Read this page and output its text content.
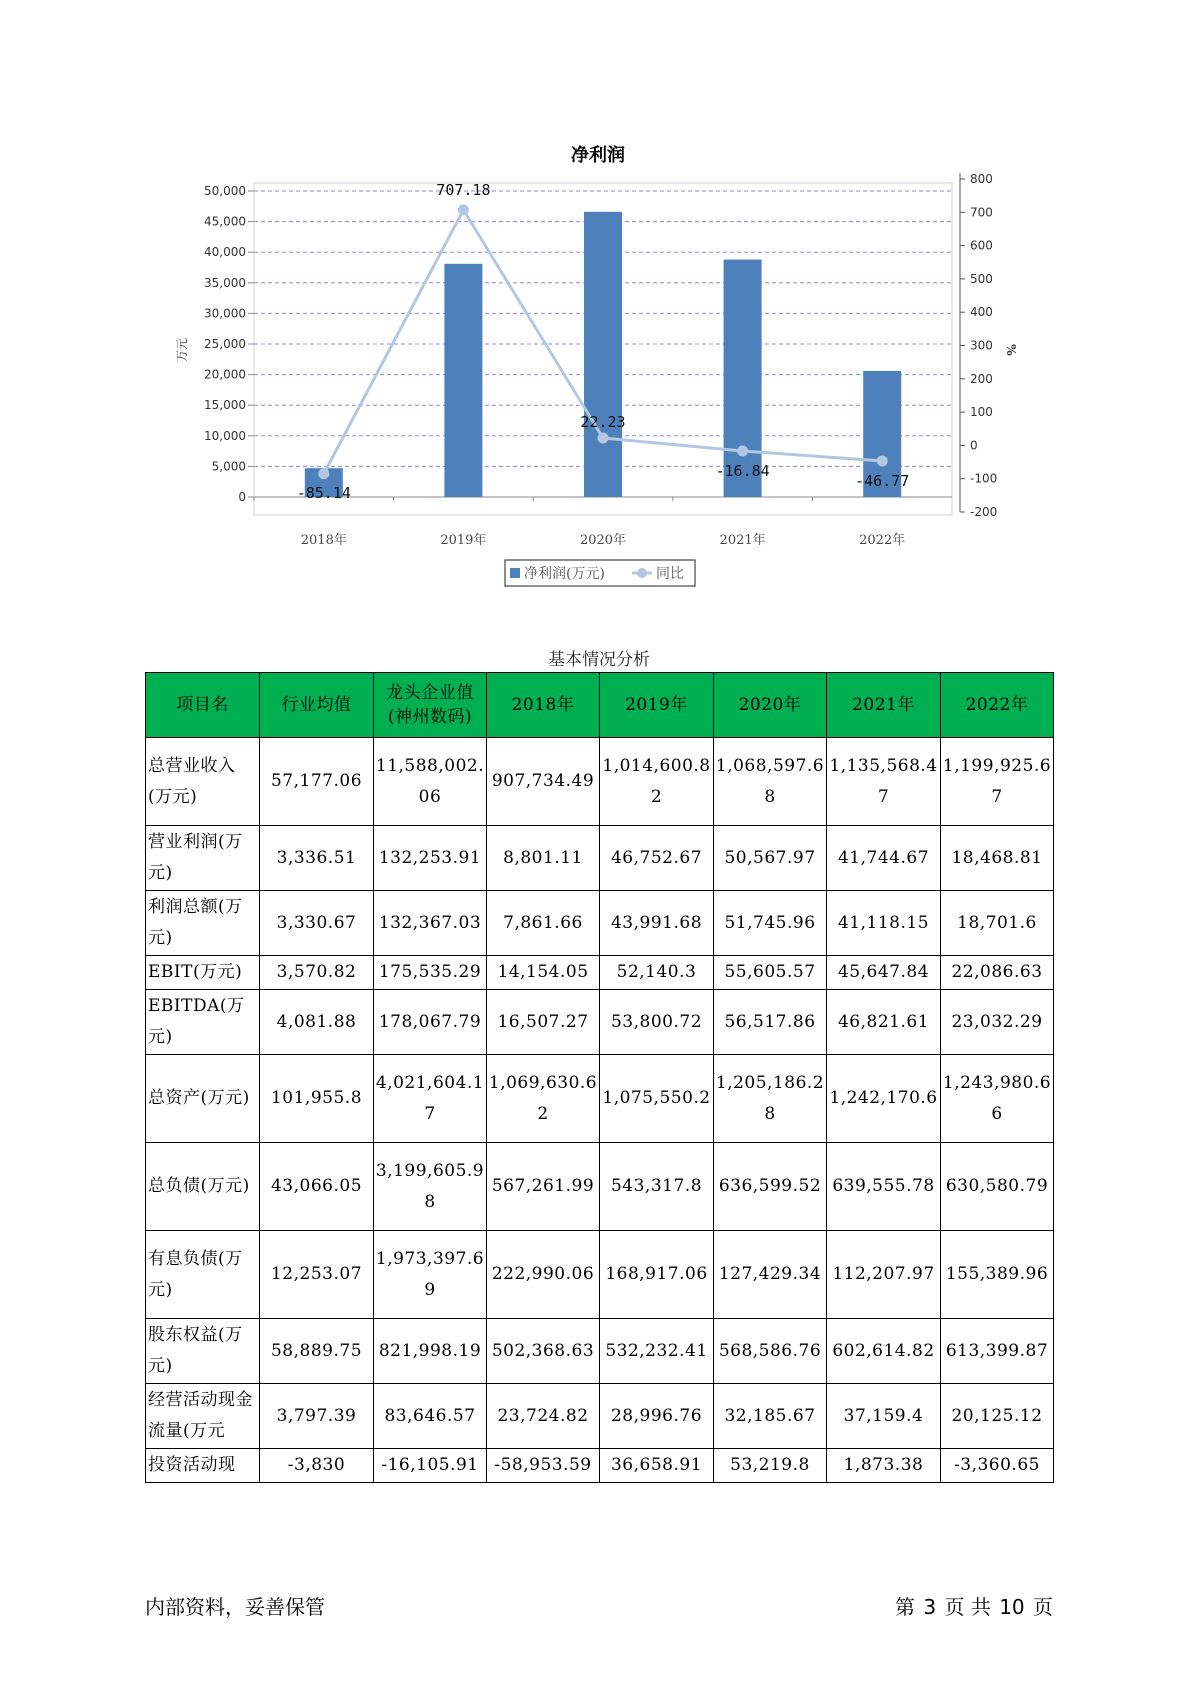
净利润
0
5,000
10,000
15,000
20,000
25,000
30,000
35,000
40,000
45,000
50,000
-200
-100
0
100
200
300
400
500
600
700
800
2018年	2019年	2020年	2021年	2022年
-85.14
707.18
22.23
-16.84
-46.77
万元	%
净利润(万元)	同比
基本情况分析
项目名	行业均值	龙头企业值(神州数码)	2018年	2019年	2020年	2021年	2022年
总营业收入(万元)	57,177.06	11,588,002.06	907,734.49	1,014,600.82	1,068,597.68	1,135,568.47	1,199,925.67
营业利润(万元)	3,336.51	132,253.91	8,801.11	46,752.67	50,567.97	41,744.67	18,468.81
利润总额(万元)	3,330.67	132,367.03	7,861.66	43,991.68	51,745.96	41,118.15	18,701.6
EBIT(万元)	3,570.82	175,535.29	14,154.05	52,140.3	55,605.57	45,647.84	22,086.63
EBITDA(万元)	4,081.88	178,067.79	16,507.27	53,800.72	56,517.86	46,821.61	23,032.29
总资产(万元)	101,955.8	4,021,604.17	1,069,630.62	1,075,550.2	1,205,186.28	1,242,170.6	1,243,980.66
总负债(万元)	43,066.05	3,199,605.98	567,261.99	543,317.8	636,599.52	639,555.78	630,580.79
有息负债(万元)	12,253.07	1,973,397.69	222,990.06	168,917.06	127,429.34	112,207.97	155,389.96
股东权益(万元)	58,889.75	821,998.19	502,368.63	532,232.41	568,586.76	602,614.82	613,399.87
经营活动现金流量(万元	3,797.39	83,646.57	23,724.82	28,996.76	32,185.67	37,159.4	20,125.12
投资活动现	-3,830	-16,105.91	-58,953.59	36,658.91	53,219.8	1,873.38	-3,360.65
内部资料，妥善保管	第 3 页 共 10 页
